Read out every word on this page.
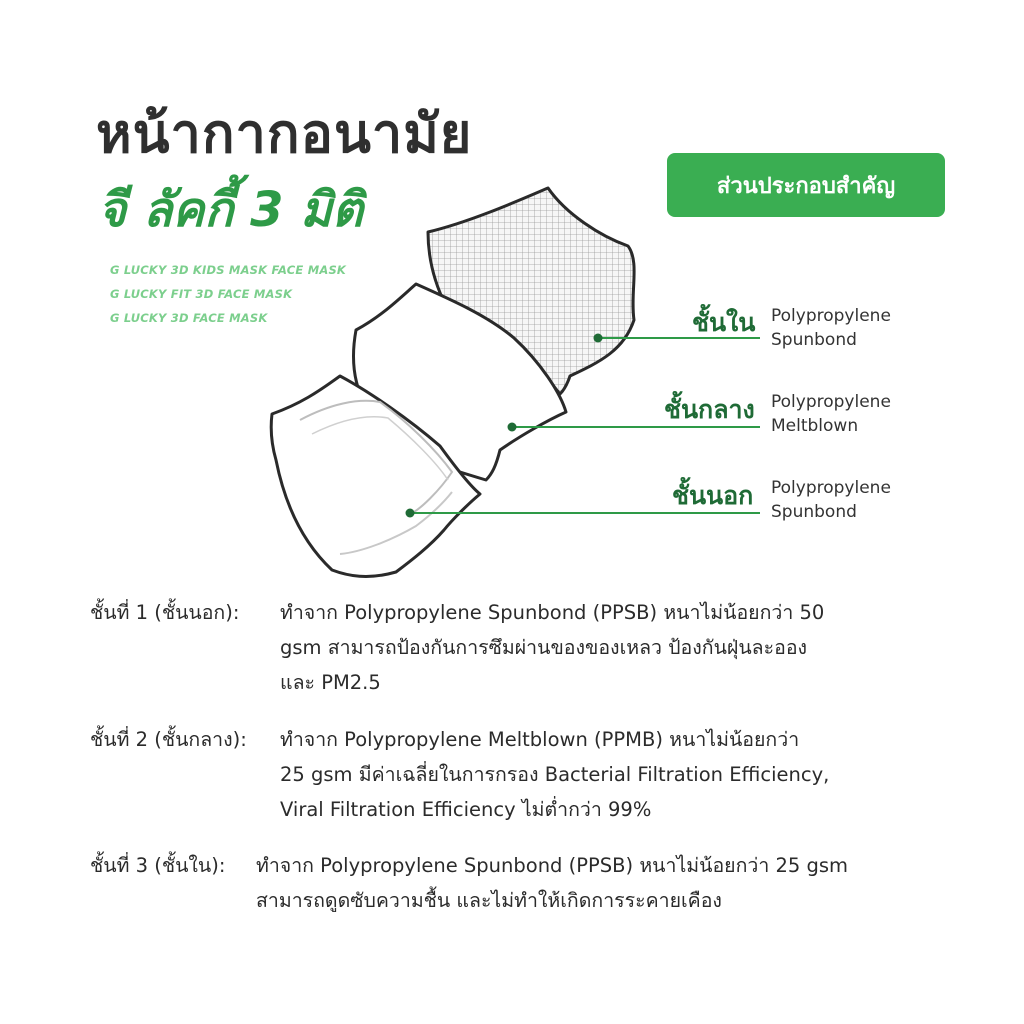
หน้ากากอนามัย
จี ลัคกี้ 3 มิติ
G LUCKY 3D KIDS MASK FACE MASK
G LUCKY FIT 3D FACE MASK
G LUCKY 3D FACE MASK
ส่วนประกอบสำคัญ
ชั้นใน Polypropylene
Spunbond
ชั้นกลาง Polypropylene
Meltblown
ชั้นนอก Polypropylene
Spunbond
ชั้นที่ 1 (ชั้นนอก): ทำจาก Polypropylene Spunbond (PPSB) หนาไม่น้อยกว่า 50
gsm สามารถป้องกันการซึมผ่านของของเหลว ป้องกันฝุ่นละออง
และ PM2.5
ชั้นที่ 2 (ชั้นกลาง): ทำจาก Polypropylene Meltblown (PPMB) หนาไม่น้อยกว่า
25 gsm มีค่าเฉลี่ยในการกรอง Bacterial Filtration Efficiency,
Viral Filtration Efficiency ไม่ต่ำกว่า 99%
ชั้นที่ 3 (ชั้นใน): ทำจาก Polypropylene Spunbond (PPSB) หนาไม่น้อยกว่า 25 gsm
สามารถดูดซับความชื้น และไม่ทำให้เกิดการระคายเคือง
